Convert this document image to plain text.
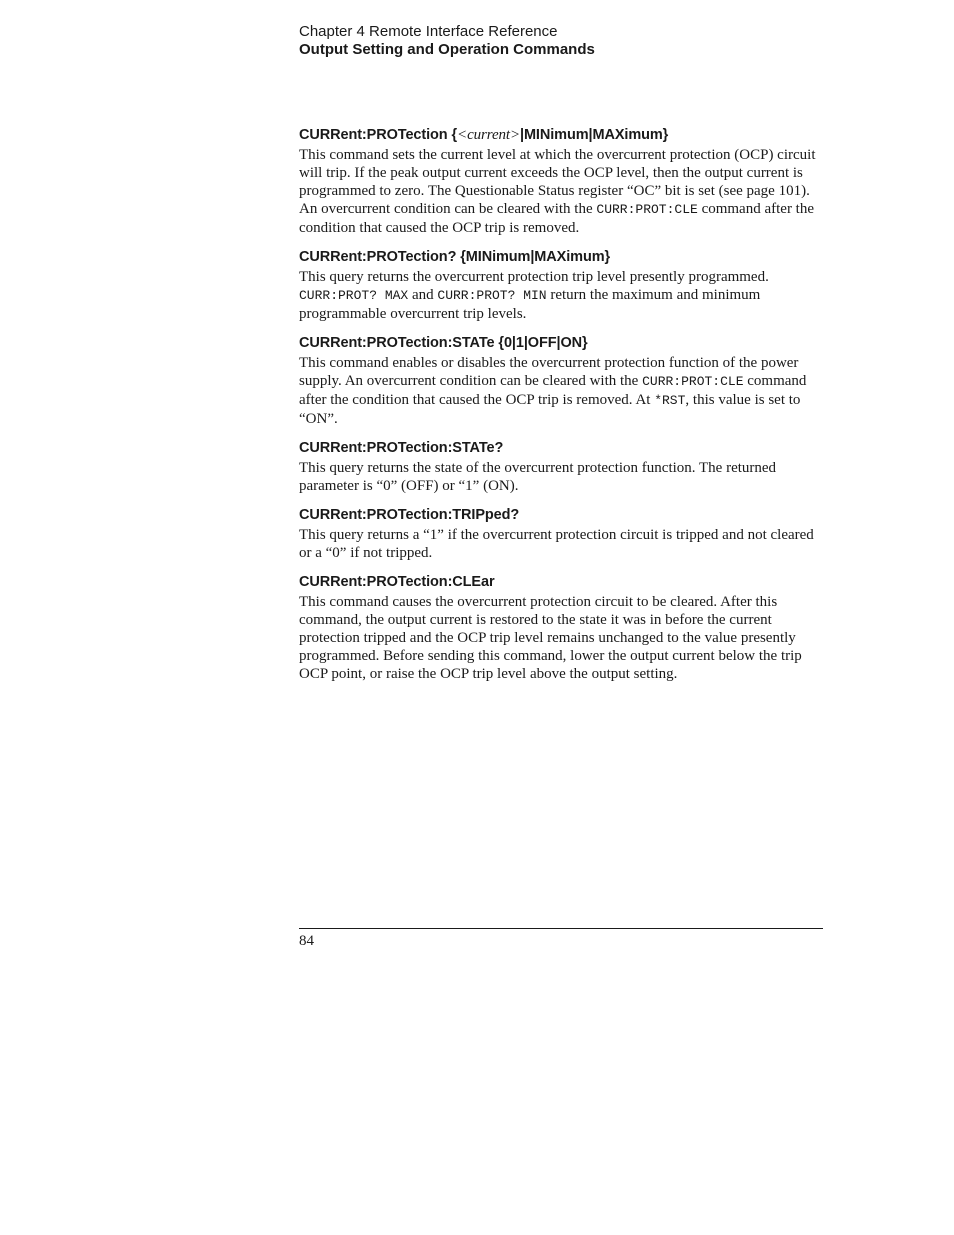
Chapter 4 Remote Interface Reference
Output Setting and Operation Commands
CURRent:PROTection {<current>|MINimum|MAXimum}

This command sets the current level at which the overcurrent protection (OCP) circuit will trip. If the peak output current exceeds the OCP level, then the output current is programmed to zero. The Questionable Status register “OC” bit is set (see page 101). An overcurrent condition can be cleared with the CURR:PROT:CLE command after the condition that caused the OCP trip is removed.

CURRent:PROTection? {MINimum|MAXimum}

This query returns the overcurrent protection trip level presently programmed. CURR:PROT? MAX and CURR:PROT? MIN return the maximum and minimum programmable overcurrent trip levels.

CURRent:PROTection:STATe {0|1|OFF|ON}

This command enables or disables the overcurrent protection function of the power supply. An overcurrent condition can be cleared with the CURR:PROT:CLE command after the condition that caused the OCP trip is removed. At *RST, this value is set to “ON”.

CURRent:PROTection:STATe?

This query returns the state of the overcurrent protection function. The returned parameter is “0” (OFF) or “1” (ON).

CURRent:PROTection:TRIPped?

This query returns a “1” if the overcurrent protection circuit is tripped and not cleared or a “0” if not tripped.

CURRent:PROTection:CLEar

This command causes the overcurrent protection circuit to be cleared. After this command, the output current is restored to the state it was in before the current protection tripped and the OCP trip level remains unchanged to the value presently programmed. Before sending this command, lower the output current below the trip OCP point, or raise the OCP trip level above the output setting.

84
